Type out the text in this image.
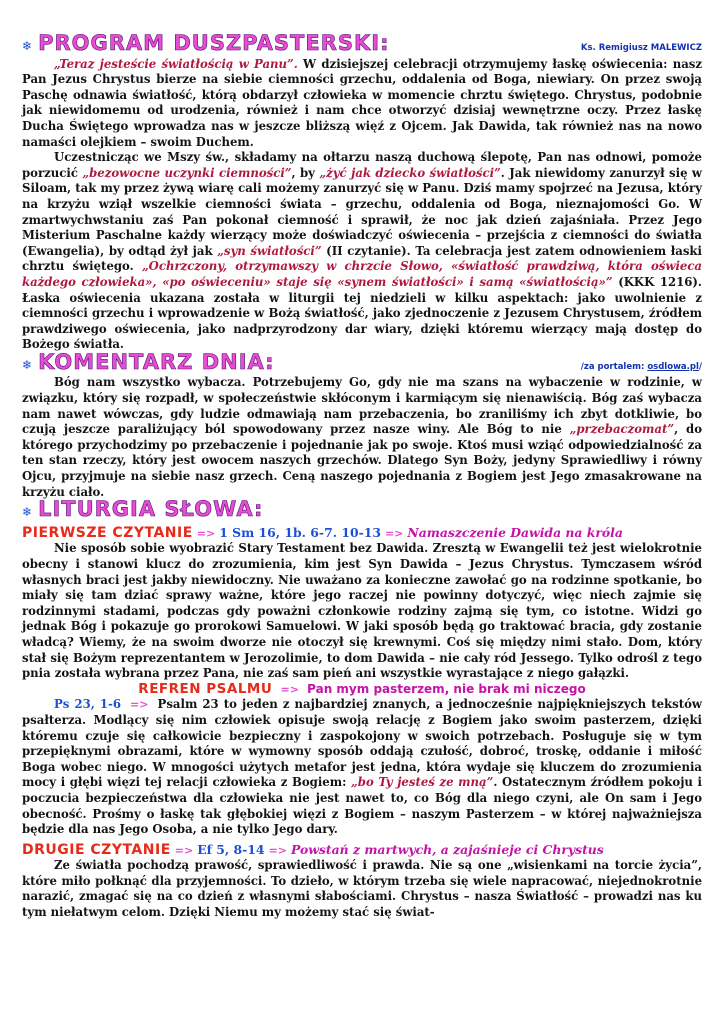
❄ PROGRAM DUSZPASTERSKI:	Ks. Remigiusz MALEWICZ

„Teraz jesteście światłością w Panu”. W dzisiejszej celebracji otrzymujemy łaskę oświecenia: nasz Pan Jezus Chrystus bierze na siebie ciemności grzechu, oddalenia od Boga, niewiary. On przez swoją Paschę odnawia światłość, którą obdarzył człowieka w momencie chrztu świętego. Chrystus, podobnie jak niewidomemu od urodzenia, również i nam chce otworzyć dzisiaj wewnętrzne oczy. Przez łaskę Ducha Świętego wprowadza nas w jeszcze bliższą więź z Ojcem. Jak Dawida, tak również nas na nowo namaści olejkiem – swoim Duchem.

Uczestnicząc we Mszy św., składamy na ołtarzu naszą duchową ślepotę, Pan nas odnowi, pomoże porzucić „bezowocne uczynki ciemności”, by „żyć jak dziecko światłości”. Jak niewidomy zanurzył się w Siloam, tak my przez żywą wiarę cali możemy zanurzyć się w Panu. Dziś mamy spojrzeć na Jezusa, który na krzyżu wziął wszelkie ciemności świata – grzechu, oddalenia od Boga, nieznajomości Go. W zmartwychwstaniu zaś Pan pokonał ciemność i sprawił, że noc jak dzień zajaśniała. Przez Jego Misterium Paschalne każdy wierzący może doświadczyć oświecenia – przejścia z ciemności do światła (Ewangelia), by odtąd żył jak „syn światłości” (II czytanie). Ta celebracja jest zatem odnowieniem łaski chrztu świętego. „Ochrzczony, otrzymawszy w chrzcie Słowo, «światłość prawdziwą, która oświeca każdego człowieka», «po oświeceniu» staje się «synem światłości» i samą «światłością»” (KKK 1216). Łaska oświecenia ukazana została w liturgii tej niedzieli w kilku aspektach: jako uwolnienie z ciemności grzechu i wprowadzenie w Bożą światłość, jako zjednoczenie z Jezusem Chrystusem, źródłem prawdziwego oświecenia, jako nadprzyrodzony dar wiary, dzięki któremu wierzący mają dostęp do Bożego światła.

❄ KOMENTARZ DNIA:	/za portalem: osdlowa.pl/

Bóg nam wszystko wybacza. Potrzebujemy Go, gdy nie ma szans na wybaczenie w rodzinie, w związku, który się rozpadł, w społeczeństwie skłóconym i karmiącym się nienawiścią. Bóg zaś wybacza nam nawet wówczas, gdy ludzie odmawiają nam przebaczenia, bo zraniliśmy ich zbyt dotkliwie, bo czują jeszcze paraliżujący ból spowodowany przez nasze winy. Ale Bóg to nie „przebaczomat”, do którego przychodzimy po przebaczenie i pojednanie jak po swoje. Ktoś musi wziąć odpowiedzialność za ten stan rzeczy, który jest owocem naszych grzechów. Dlatego Syn Boży, jedyny Sprawiedliwy i równy Ojcu, przyjmuje na siebie nasz grzech. Ceną naszego pojednania z Bogiem jest Jego zmasakrowane na krzyżu ciało.

❄ LITURGIA SŁOWA:
PIERWSZE CZYTANIE => 1 Sm 16, 1b. 6-7. 10-13 => Namaszczenie Dawida na króla

Nie sposób sobie wyobrazić Stary Testament bez Dawida. Zresztą w Ewangelii też jest wielokrotnie obecny i stanowi klucz do zrozumienia, kim jest Syn Dawida – Jezus Chrystus. Tymczasem wśród własnych braci jest jakby niewidoczny. Nie uważano za konieczne zawołać go na rodzinne spotkanie, bo miały się tam dziać sprawy ważne, które jego raczej nie powinny dotyczyć, więc niech zajmie się rodzinnymi stadami, podczas gdy poważni członkowie rodziny zajmą się tym, co istotne. Widzi go jednak Bóg i pokazuje go prorokowi Samuelowi. W jaki sposób będą go traktować bracia, gdy zostanie władcą? Wiemy, że na swoim dworze nie otoczył się krewnymi. Coś się między nimi stało. Dom, który stał się Bożym reprezentantem w Jerozolimie, to dom Dawida – nie cały ród Jessego. Tylko odrośl z tego pnia została wybrana przez Pana, nie zaś sam pień ani wszystkie wyrastające z niego gałązki.

REFREN PSALMU => Pan mym pasterzem, nie brak mi niczego

Ps 23, 1-6 => Psalm 23 to jeden z najbardziej znanych, a jednocześnie najpiękniejszych tekstów psałterza. Modlący się nim człowiek opisuje swoją relację z Bogiem jako swoim pasterzem, dzięki któremu czuje się całkowicie bezpieczny i zaspokojony w swoich potrzebach. Posługuje się w tym przepięknymi obrazami, które w wymowny sposób oddają czułość, dobroć, troskę, oddanie i miłość Boga wobec niego. W mnogości użytych metafor jest jedna, która wydaje się kluczem do zrozumienia mocy i głębi więzi tej relacji człowieka z Bogiem: „bo Ty jesteś ze mną”. Ostatecznym źródłem pokoju i poczucia bezpieczeństwa dla człowieka nie jest nawet to, co Bóg dla niego czyni, ale On sam i Jego obecność. Prośmy o łaskę tak głębokiej więzi z Bogiem – naszym Pasterzem – w której najważniejsza będzie dla nas Jego Osoba, a nie tylko Jego dary.

DRUGIE CZYTANIE => Ef 5, 8-14 => Powstań z martwych, a zajaśnieje ci Chrystus

Ze światła pochodzą prawość, sprawiedliwość i prawda. Nie są one „wisienkami na torcie życia”, które miło połknąć dla przyjemności. To dzieło, w którym trzeba się wiele napracować, niejednokrotnie narazić, zmagać się na co dzień z własnymi słabościami. Chrystus – nasza Światłość – prowadzi nas ku tym niełatwym celom. Dzięki Niemu my możemy stać się świat-
